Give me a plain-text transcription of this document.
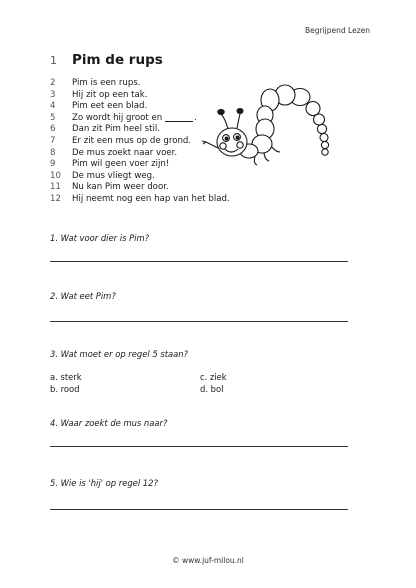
Begrijpend Lezen
1	Pim de rups
2	Pim is een rups.
3	Hij zit op een tak.
4	Pim eet een blad.
5	Zo wordt hij groot en	.
6	Dan zit Pim heel stil.
7	Er zit een mus op de grond.
8	De mus zoekt naar voer.
9	Pim wil geen voer zijn!
10	De mus vliegt weg.
11	Nu kan Pim weer door.
12	Hij neemt nog een hap van het blad.
1. Wat voor dier is Pim?
2. Wat eet Pim?
3. Wat moet er op regel 5 staan?
a. sterk	c. ziek
b. rood	d. bol
4. Waar zoekt de mus naar?
5. Wie is 'hij' op regel 12?
© www.juf-milou.nl
